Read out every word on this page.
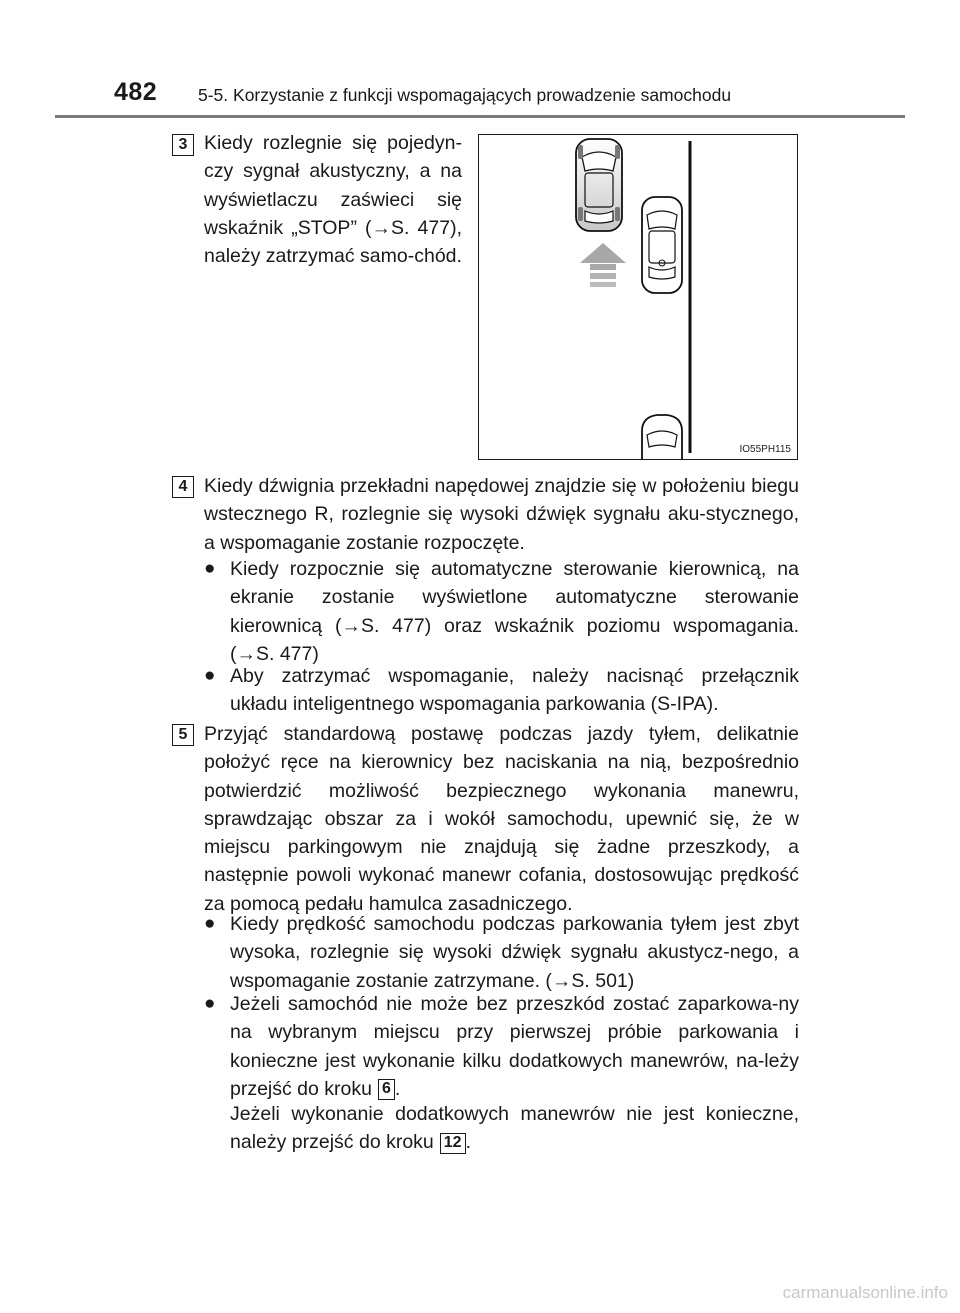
482 5-5. Korzystanie z funkcji wspomagających prowadzenie samochodu
3 Kiedy rozlegnie się pojedyn-czy sygnał akustyczny, a na wyświetlaczu zaświeci się wskaźnik „STOP” (→S. 477), należy zatrzymać samo-chód.

IO55PH115
4 Kiedy dźwignia przekładni napędowej znajdzie się w położeniu biegu wstecznego R, rozlegnie się wysoki dźwięk sygnału aku-stycznego, a wspomaganie zostanie rozpoczęte.

● Kiedy rozpocznie się automatyczne sterowanie kierownicą, na ekranie zostanie wyświetlone automatyczne sterowanie kierownicą (→S. 477) oraz wskaźnik poziomu wspomagania. (→S. 477)

● Aby zatrzymać wspomaganie, należy nacisnąć przełącznik układu inteligentnego wspomagania parkowania (S-IPA).

5 Przyjąć standardową postawę podczas jazdy tyłem, delikatnie położyć ręce na kierownicy bez naciskania na nią, bezpośrednio potwierdzić możliwość bezpiecznego wykonania manewru, sprawdzając obszar za i wokół samochodu, upewnić się, że w miejscu parkingowym nie znajdują się żadne przeszkody, a następnie powoli wykonać manewr cofania, dostosowując prędkość za pomocą pedału hamulca zasadniczego.

● Kiedy prędkość samochodu podczas parkowania tyłem jest zbyt wysoka, rozlegnie się wysoki dźwięk sygnału akustycz-nego, a wspomaganie zostanie zatrzymane. (→S. 501)

● Jeżeli samochód nie może bez przeszkód zostać zaparkowa-ny na wybranym miejscu przy pierwszej próbie parkowania i konieczne jest wykonanie kilku dodatkowych manewrów, na-leży przejść do kroku 6 .

Jeżeli wykonanie dodatkowych manewrów nie jest konieczne, należy przejść do kroku 12 .

carmanualsonline.info
